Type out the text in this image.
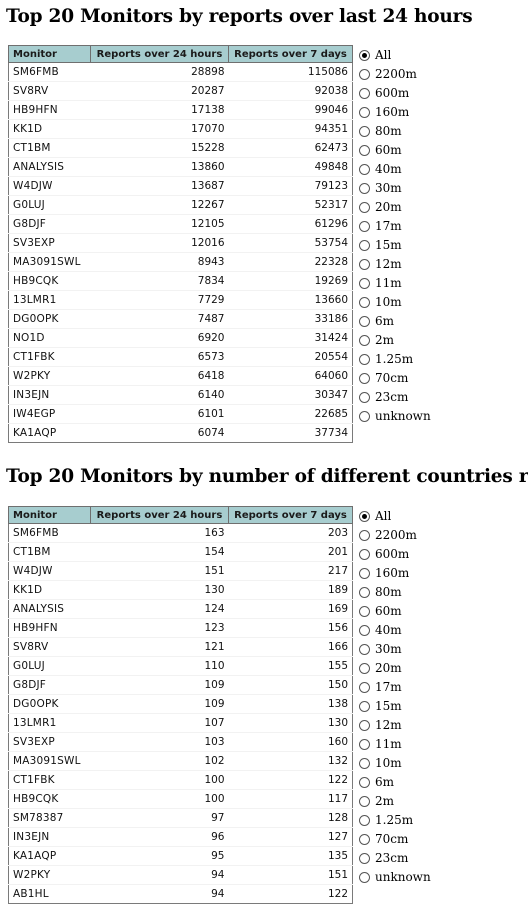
Top 20 Monitors by reports over last 24 hours
Monitor	Reports over 24 hours	Reports over 7 days
SM6FMB	28898	115086
SV8RV	20287	92038
HB9HFN	17138	99046
KK1D	17070	94351
CT1BM	15228	62473
ANALYSIS	13860	49848
W4DJW	13687	79123
G0LUJ	12267	52317
G8DJF	12105	61296
SV3EXP	12016	53754
MA3091SWL	8943	22328
HB9CQK	7834	19269
13LMR1	7729	13660
DG0OPK	7487	33186
NO1D	6920	31424
CT1FBK	6573	20554
W2PKY	6418	64060
IN3EJN	6140	30347
IW4EGP	6101	22685
KA1AQP	6074	37734
All
2200m
600m
160m
80m
60m
40m
30m
20m
17m
15m
12m
11m
10m
6m
2m
1.25m
70cm
23cm
unknown
Top 20 Monitors by number of different countries r
Monitor	Reports over 24 hours	Reports over 7 days
SM6FMB	163	203
CT1BM	154	201
W4DJW	151	217
KK1D	130	189
ANALYSIS	124	169
HB9HFN	123	156
SV8RV	121	166
G0LUJ	110	155
G8DJF	109	150
DG0OPK	109	138
13LMR1	107	130
SV3EXP	103	160
MA3091SWL	102	132
CT1FBK	100	122
HB9CQK	100	117
SM78387	97	128
IN3EJN	96	127
KA1AQP	95	135
W2PKY	94	151
AB1HL	94	122
All
2200m
600m
160m
80m
60m
40m
30m
20m
17m
15m
12m
11m
10m
6m
2m
1.25m
70cm
23cm
unknown
